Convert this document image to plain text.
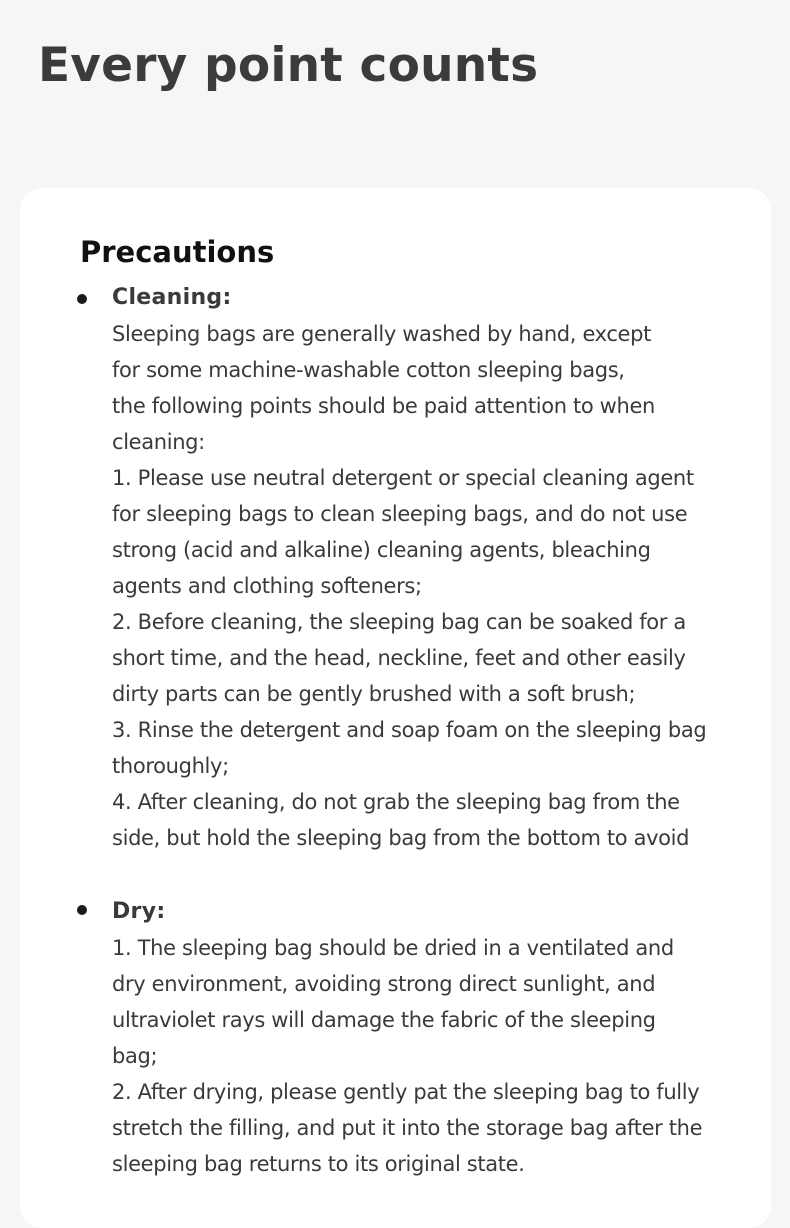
Every point counts
Precautions
Cleaning:
Sleeping bags are generally washed by hand, except
for some machine-washable cotton sleeping bags,
the following points should be paid attention to when
cleaning:
1. Please use neutral detergent or special cleaning agent
for sleeping bags to clean sleeping bags, and do not use
strong (acid and alkaline) cleaning agents, bleaching
agents and clothing softeners;
2. Before cleaning, the sleeping bag can be soaked for a
short time, and the head, neckline, feet and other easily
dirty parts can be gently brushed with a soft brush;
3. Rinse the detergent and soap foam on the sleeping bag
thoroughly;
4. After cleaning, do not grab the sleeping bag from the
side, but hold the sleeping bag from the bottom to avoid
Dry:
1. The sleeping bag should be dried in a ventilated and
dry environment, avoiding strong direct sunlight, and
ultraviolet rays will damage the fabric of the sleeping
bag;
2. After drying, please gently pat the sleeping bag to fully
stretch the filling, and put it into the storage bag after the
sleeping bag returns to its original state.
